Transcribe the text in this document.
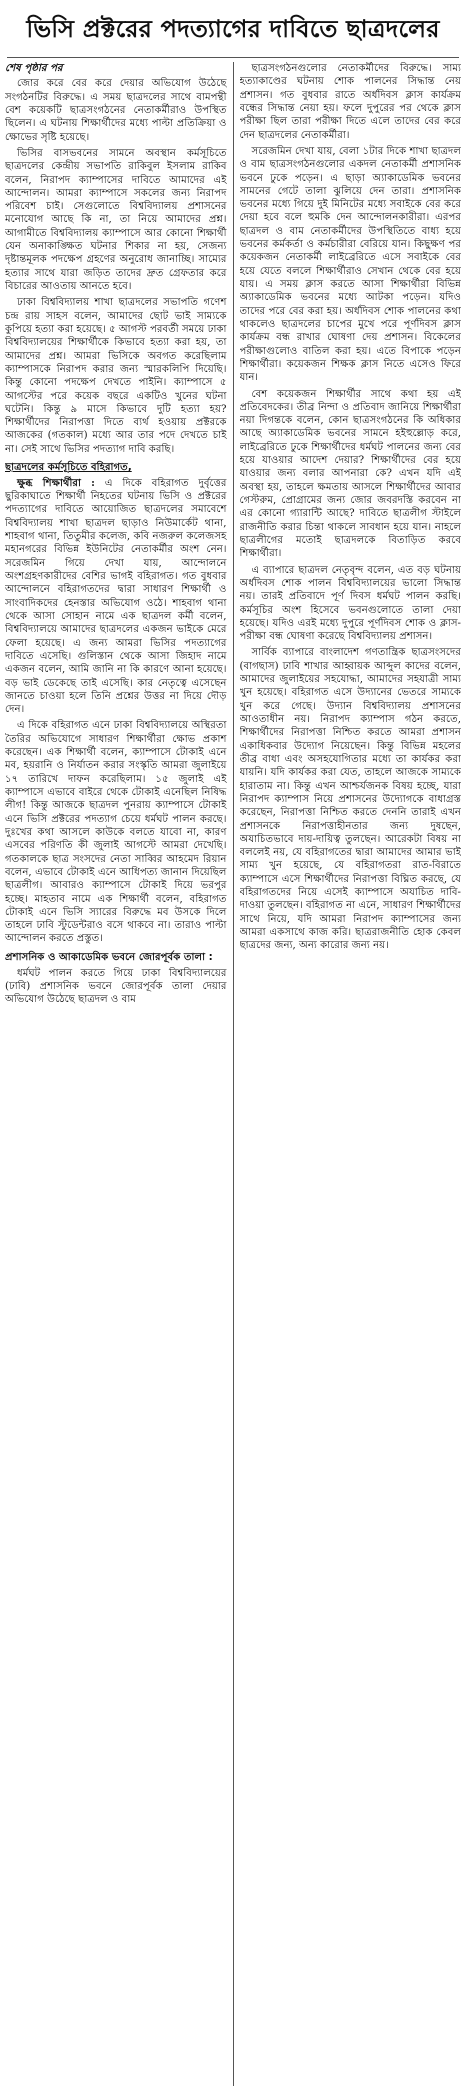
ভিসি প্রক্টরের পদত্যাগের দাবিতে ছাত্রদলের
শেষ পৃষ্ঠার পর

জোর করে বের করে দেয়ার অভিযোগ উঠেছে সংগঠনটির বিরুদ্ধে। এ সময় ছাত্রদলের সাথে বামপন্থী বেশ কয়েকটি ছাত্রসংগঠনের নেতাকর্মীরাও উপস্থিত ছিলেন। এ ঘটনায় শিক্ষার্থীদের মধ্যে পাল্টা প্রতিক্রিয়া ও ক্ষোভের সৃষ্টি হয়েছে।

ভিসির বাসভবনের সামনে অবস্থান কর্মসূচিতে ছাত্রদলের কেন্দ্রীয় সভাপতি রাকিবুল ইসলাম রাকিব বলেন, নিরাপদ ক্যাম্পাসের দাবিতে আমাদের এই আন্দোলন। আমরা ক্যাম্পাসে সকলের জন্য নিরাপদ পরিবেশ চাই। সেগুলোতে বিশ্ববিদ্যালয় প্রশাসনের মনোযোগ আছে কি না, তা নিয়ে আমাদের প্রশ্ন। আগামীতে বিশ্ববিদ্যালয় ক্যাম্পাসে আর কোনো শিক্ষার্থী যেন অনাকাঙ্ক্ষিত ঘটনার শিকার না হয়, সেজন্য দৃষ্টান্তমূলক পদক্ষেপ গ্রহণের অনুরোধ জানাচ্ছি। সাম্যের হত্যার সাথে যারা জড়িত তাদের দ্রুত গ্রেফতার করে বিচারের আওতায় আনতে হবে।

ঢাকা বিশ্ববিদ্যালয় শাখা ছাত্রদলের সভাপতি গণেশ চন্দ্র রায় সাহস বলেন, আমাদের ছোট ভাই সাম্যকে কুপিয়ে হত্যা করা হয়েছে। ৫ আগস্ট পরবর্তী সময়ে ঢাকা বিশ্ববিদ্যালয়ের শিক্ষার্থীকে কিভাবে হত্যা করা হয়, তা আমাদের প্রশ্ন। আমরা ভিসিকে অবগত করেছিলাম ক্যাম্পাসকে নিরাপদ করার জন্য স্মারকলিপি দিয়েছি। কিন্তু কোনো পদক্ষেপ দেখতে পাইনি। ক্যাম্পাসে ৫ আগস্টের পরে কয়েক বছরে একটিও খুনের ঘটনা ঘটেনি। কিন্তু ৯ মাসে কিভাবে দুটি হত্যা হয়? শিক্ষার্থীদের নিরাপত্তা দিতে ব্যর্থ হওয়ায় প্রক্টরকে আজকের (গতকাল) মধ্যে আর তার পদে দেখতে চাই না। সেই সাথে ভিসির পদত্যাগ দাবি করছি।

ছাত্রদলের কর্মসূচিতে বহিরাগত,

ক্ষুব্ধ শিক্ষার্থীরা : এ দিকে বহিরাগত দুর্বৃত্তের ছুরিকাঘাতে শিক্ষার্থী নিহতের ঘটনায় ভিসি ও প্রক্টরের পদত্যাগের দাবিতে আয়োজিত ছাত্রদলের সমাবেশে বিশ্ববিদ্যালয় শাখা ছাত্রদল ছাড়াও নিউমার্কেট থানা, শাহবাগ থানা, তিতুমীর কলেজ, কবি নজরুল কলেজসহ মহানগরের বিভিন্ন ইউনিটের নেতাকর্মীর অংশ নেন। সরেজমিন গিয়ে দেখা যায়, আন্দোলনে অংশগ্রহণকারীদের বেশির ভাগই বহিরাগত। গত বুধবার আন্দোলনে বহিরাগতদের দ্বারা সাধারণ শিক্ষার্থী ও সাংবাদিকদের হেনস্তার অভিযোগ ওঠে। শাহবাগ থানা থেকে আসা সোহান নামে এক ছাত্রদল কর্মী বলেন, বিশ্ববিদ্যালয়ে আমাদের ছাত্রদলের একজন ভাইকে মেরে ফেলা হয়েছে। এ জন্য আমরা ভিসির পদত্যাগের দাবিতে এসেছি। গুলিস্তান থেকে আসা জিহাদ নামে একজন বলেন, আমি জানি না কি কারণে আনা হয়েছে। বড় ভাই ডেকেছে তাই এসেছি। কার নেতৃত্বে এসেছেন জানতে চাওয়া হলে তিনি প্রশ্নের উত্তর না দিয়ে দৌড় দেন।

এ দিকে বহিরাগত এনে ঢাকা বিশ্ববিদ্যালয়ে অস্থিরতা তৈরির অভিযোগে সাধারণ শিক্ষার্থীরা ক্ষোভ প্রকাশ করেছেন। এক শিক্ষার্থী বলেন, ক্যাম্পাসে টোকাই এনে মব, হয়রানি ও নির্যাতন করার সংস্কৃতি আমরা জুলাইয়ে ১৭ তারিখে দাফন করেছিলাম। ১৫ জুলাই এই ক্যাম্পাসে এভাবে বাইরে থেকে টোকাই এনেছিল নিষিদ্ধ লীগ! কিন্তু আজকে ছাত্রদল পুনরায় ক্যাম্পাসে টোকাই এনে ভিসি প্রক্টরের পদত্যাগ চেয়ে ধর্মঘট পালন করছে। দুঃখের কথা আসলে কাউকে বলতে যাবো না, কারণ এসবের পরিণতি কী জুলাই আগস্টে আমরা দেখেছি। গতকালকে ছাত্র সংসদের নেতা সাব্বির আহমেদ রিয়ান বলেন, এভাবে টোকাই এনে আধিপত্য জানান দিয়েছিল ছাত্রলীগ। আবারও ক্যাম্পাসে টোকাই দিয়ে ভরপুর হচ্ছে। মাহতাব নামে এক শিক্ষার্থী বলেন, বহিরাগত টোকাই এনে ভিসি স্যারের বিরুদ্ধে মব উসকে দিলে তাহলে ঢাবি স্টুডেন্টরাও বসে থাকবে না। তারাও পাল্টা আন্দোলন করতে প্রস্তুত।

প্রশাসনিক ও আকাডেমিক ভবনে জোরপূর্বক তালা :

ধর্মঘট পালন করতে গিয়ে ঢাকা বিশ্ববিদ্যালয়ের (ঢাবি) প্রশাসনিক ভবনে জোরপূর্বক তালা দেয়ার অভিযোগ উঠেছে ছাত্রদল ও বাম

ছাত্রসংগঠনগুলোর নেতাকর্মীদের বিরুদ্ধে। সাম্য হত্যাকাণ্ডের ঘটনায় শোক পালনের সিদ্ধান্ত নেয় প্রশাসন। গত বুধবার রাতে অর্ধদিবস ক্লাস কার্যক্রম বন্ধের সিদ্ধান্ত নেয়া হয়। ফলে দুপুরের পর থেকে ক্লাস পরীক্ষা ছিল তারা পরীক্ষা দিতে এলে তাদের বের করে দেন ছাত্রদলের নেতাকর্মীরা।

সরেজমিন দেখা যায়, বেলা ১টার দিকে শাখা ছাত্রদল ও বাম ছাত্রসংগঠনগুলোর একদল নেতাকর্মী প্রশাসনিক ভবনে ঢুকে পড়েন। এ ছাড়া অ্যাকাডেমিক ভবনের সামনের গেটে তালা ঝুলিয়ে দেন তারা। প্রশাসনিক ভবনের মধ্যে গিয়ে দুই মিনিটের মধ্যে সবাইকে বের করে দেয়া হবে বলে হুমকি দেন আন্দোলনকারীরা। এরপর ছাত্রদল ও বাম নেতাকর্মীদের উপস্থিতিতে বাধ্য হয়ে ভবনের কর্মকর্তা ও কর্মচারীরা বেরিয়ে যান। কিছুক্ষণ পর কয়েকজন নেতাকর্মী লাইব্রেরিতে এসে সবাইকে বের হয়ে যেতে বললে শিক্ষার্থীরাও সেখান থেকে বের হয়ে যায়। এ সময় ক্লাস করতে আসা শিক্ষার্থীরা বিভিন্ন অ্যাকাডেমিক ভবনের মধ্যে আটকা পড়েন। যদিও তাদের পরে বের করা হয়। অর্ধদিবস শোক পালনের কথা থাকলেও ছাত্রদলের চাপের মুখে পরে পূর্ণদিবস ক্লাস কার্যক্রম বন্ধ রাখার ঘোষণা দেয় প্রশাসন। বিকেলের পরীক্ষাগুলোও বাতিল করা হয়। এতে বিপাকে পড়েন শিক্ষার্থীরা। কয়েকজন শিক্ষক ক্লাস নিতে এসেও ফিরে যান।

বেশ কয়েকজন শিক্ষার্থীর সাথে কথা হয় এই প্রতিবেদকের। তীব্র নিন্দা ও প্রতিবাদ জানিয়ে শিক্ষার্থীরা নয়া দিগন্তকে বলেন, কোন ছাত্রসংগঠনের কি অধিকার আছে অ্যাকাডেমিক ভবনের সামনে হইহুল্লোড় করে, লাইব্রেরিতে ঢুকে শিক্ষার্থীদের ধর্মঘট পালনের জন্য বের হয়ে যাওয়ার আদেশ দেয়ার? শিক্ষার্থীদের বের হয়ে যাওয়ার জন্য বলার আপনারা কে? এখন যদি এই অবস্থা হয়, তাহলে ক্ষমতায় আসলে শিক্ষার্থীদের আবার গেস্টরুম, প্রোগ্রামের জন্য জোর জবরদস্তি করবেন না এর কোনো গ্যারান্টি আছে? দাবিতে ছাত্রলীগ স্টাইলে রাজনীতি করার চিন্তা থাকলে সাবধান হয়ে যান। নাহলে ছাত্রলীগের মতোই ছাত্রদলকে বিতাড়িত করবে শিক্ষার্থীরা।

এ ব্যাপারে ছাত্রদল নেতৃবৃন্দ বলেন, এত বড় ঘটনায় অর্ধদিবস শোক পালন বিশ্ববিদ্যালয়ের ভালো সিদ্ধান্ত নয়। তারই প্রতিবাদে পূর্ণ দিবস ধর্মঘট পালন করছি। কর্মসূচির অংশ হিসেবে ভবনগুলোতে তালা দেয়া হয়েছে। যদিও এরই মধ্যে দুপুরে পূর্ণদিবস শোক ও ক্লাস-পরীক্ষা বন্ধ ঘোষণা করেছে বিশ্ববিদ্যালয় প্রশাসন।

সার্বিক ব্যাপারে বাংলাদেশ গণতান্ত্রিক ছাত্রসংসদের (বাগছাস) ঢাবি শাখার আহ্বায়ক আব্দুল কাদের বলেন, আমাদের জুলাইয়ের সহযোদ্ধা, আমাদের সহযাত্রী সাম্য খুন হয়েছে। বহিরাগত এসে উদ্যানের ভেতরে সাম্যকে খুন করে গেছে। উদ্যান বিশ্ববিদ্যালয় প্রশাসনের আওতাধীন নয়। নিরাপদ ক্যাম্পাস গঠন করতে, শিক্ষার্থীদের নিরাপত্তা নিশ্চিত করতে আমরা প্রশাসন একাধিকবার উদ্যোগ নিয়েছেন। কিন্তু বিভিন্ন মহলের তীব্র বাধা এবং অসহযোগিতার মধ্যে তা কার্যকর করা যায়নি। যদি কার্যকর করা যেত, তাহলে আজকে সাম্যকে হারাতাম না। কিন্তু এখন আশ্চর্যজনক বিষয় হচ্ছে, যারা নিরাপদ ক্যাম্পাস নিয়ে প্রশাসনের উদ্যোগকে বাধাগ্রস্ত করেছেন, নিরাপত্তা নিশ্চিত করতে দেননি তারাই এখন প্রশাসনকে নিরাপত্তাহীনতার জন্য দুষছেন, অযাচিতভাবে দায়-দায়িত্ব তুলছেন। আরেকটা বিষয় না বললেই নয়, যে বহিরাগতের দ্বারা আমাদের আমার ভাই সাম্য খুন হয়েছে, যে বহিরাগতরা রাত-বিরাতে ক্যাম্পাসে এসে শিক্ষার্থীদের নিরাপত্তা বিঘ্নিত করছে, যে বহিরাগতদের নিয়ে এসেই ক্যাম্পাসে অযাচিত দাবি-দাওয়া তুলছেন। বহিরাগত না এনে, সাধারণ শিক্ষার্থীদের সাথে নিয়ে, যদি আমরা নিরাপদ ক্যাম্পাসের জন্য আমরা একসাথে কাজ করি। ছাত্ররাজনীতি হোক কেবল ছাত্রদের জন্য, অন্য কারোর জন্য নয়।
